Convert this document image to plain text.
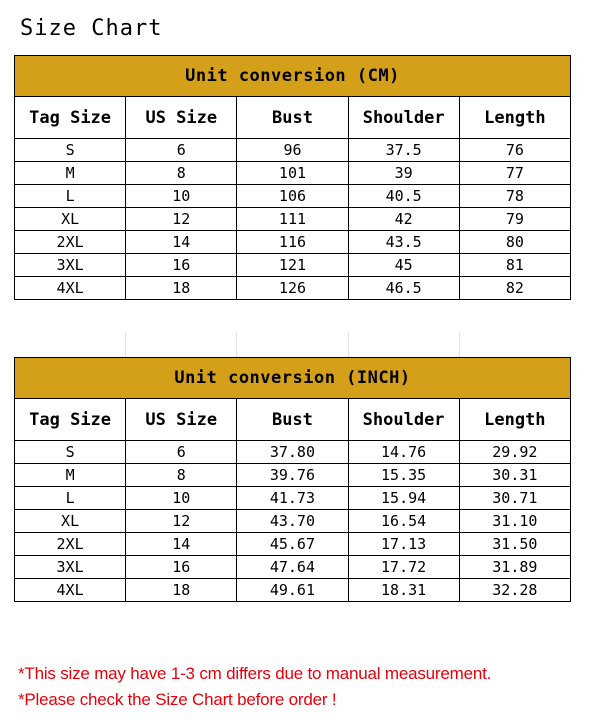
Size Chart
Unit conversion (CM)				
Tag Size	US Size	Bust	Shoulder	Length
S	6	96	37.5	76
M	8	101	39	77
L	10	106	40.5	78
XL	12	111	42	79
2XL	14	116	43.5	80
3XL	16	121	45	81
4XL	18	126	46.5	82
Unit conversion (INCH)				
Tag Size	US Size	Bust	Shoulder	Length
S	6	37.80	14.76	29.92
M	8	39.76	15.35	30.31
L	10	41.73	15.94	30.71
XL	12	43.70	16.54	31.10
2XL	14	45.67	17.13	31.50
3XL	16	47.64	17.72	31.89
4XL	18	49.61	18.31	32.28
*This size may have 1-3 cm differs due to manual measurement.
*Please check the Size Chart before order !
